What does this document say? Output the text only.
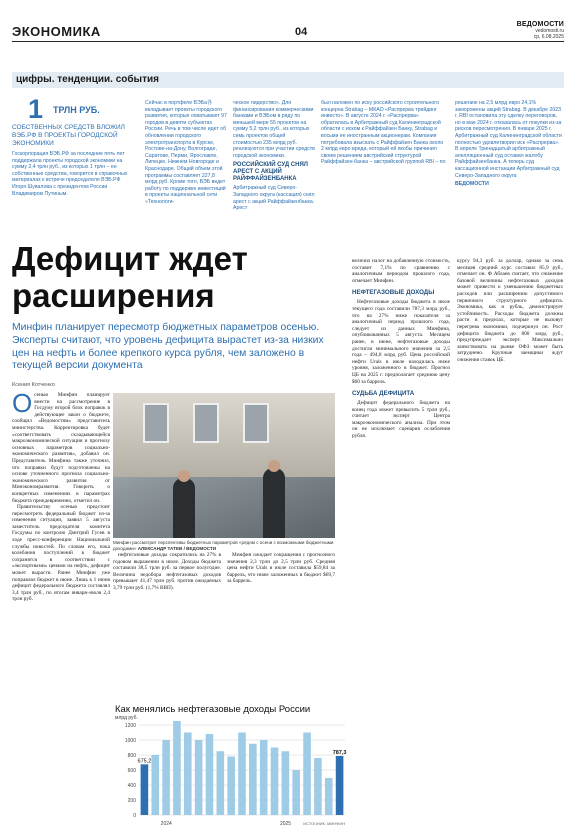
ЭКОНОМИКА	04
ВЕДОМОСТИ
vedomosti.ru
ср, 6.08.2025
цифры. тенденции. события
1 ТРЛН РУБ.
СОБСТВЕННЫХ СРЕДСТВ ВЛОЖИЛ ВЭБ.РФ В ПРОЕКТЫ ГОРОДСКОЙ ЭКОНОМИКИ
Госкорпорация ВЭБ.РФ за последние пять лет поддержала проекты городской экономики на сумму 2,4 трлн руб., из которых 1 трлн – ее собственные средства, говорится в справочных материалах к встрече председателя ВЭБ.РФ Игоря Шувалова с президентом России Владимиром Путиным.
Сейчас в портфеле ВЭБа各 вкладывает проекты городского развития, которые охватывают 97 городов в девяти субъектах России. Речь в том числе идет об обновлении городского электротранспорта в Курске, Ростове-на-Дону, Волгограде, Саратове, Перми, Ярославле, Липецке, Нижнем Новгороде и Краснодаре. Общий объем этой программы составляет 227,8 млрд руб. Кроме того, ВЭБ ведет работу по поддержке инвестиций в проекты национальной сети «Технологи-
ческое лидерство». Для финансирования коммерческими банками и ВЭБом в ряду по меньшей мере 55 проектов на сумму 5,2 трлн руб., из которых семь проектов общей стоимостью 235 млрд руб. реализуются при участии средств городской экономики.
РОССИЙСКИЙ СУД СНЯЛ АРЕСТ С АКЦИЙ РАЙФФАЙЗЕНБАНКА
Арбитражный суд Северо-Западного округа (кассация) снял арест с акций Райффайзенбанка. Арест
был наложен по иску российского строительного концерна Strabag – МКАО «Распрерва трейдинг инвесто». В августе 2024 г. «Распрерва» обратилась в Арбитражный суд Калининградской области с иском к Райффайзен Банку, Strabag и восьми ее иностранным акционерам. Компания потребовала взыскать с Райффайзен Банка около 2 млрд евро вреда, который ей якобы причинил своим решением австрийский структурой Райффайзен-банка – австрийской группой RBI – по
решению на 2,5 млрд евро 24,1% заморожены акций Strabag. В декабре 2023 г. RBI остановила эту сделку переговоров, но в мае 2024 г. отказалась от покупки из-за рисков пересмотрения. В январе 2025 г. Арбитражный суд Калининградской области полностью удовлетворил иск «Распрерва». В апреле Тринадцатый арбитражный апелляционный суд оставил жалобу Райффайзенбанка. А теперь суд кассационной инстанции Арбитражный суд Северо-Западного округа
ВЕДОМОСТИ
Дефицит ждет расширения
Минфин планирует пересмотр бюджетных параметров осенью. Эксперты считают, что уровень дефицита вырастет из-за низких цен на нефть и более крепкого курса рубля, чем заложено в текущей версии документа
Ксения Котченко
О сенью Минфин планирует внести на рассмотрение в Госдуму второй блок поправок в действующее закон о бюджете, сообщил «Ведомостям» представитель министерства. Корректировка будет «соответствовать складывающейся макроэкономической ситуации и прогнозу основных параметров социально-экономического развития», добавил он. Представитель Минфина также уточнил, что поправки будут подготовлены на основе уточненного прогноза социально-экономического развития от Минэкономразвития. Говорить о конкретных изменениях в параметрах бюджета преждевременно, отметил он.

Правительству осенью предстоит пересмотреть федеральный бюджет из-за изменения ситуации, заявил 5 августа заместитель председателя комитета Госдумы по контролю Дмитрий Гусев в ходе пресс-конференции Национальной службы новостей. По словам его, пока колебания поступлений в бюджет сохранятся в соответствии с «экспортными» ценами на нефть, дефицит может вырасти. Ранее Минфин уже поправлял бюджет в июне. Лишь к 1 июня дефицит федерального бюджета составлял 3,4 трлн руб., по итогам января–июля 2,4 трлн руб.

Минфин рассмотрит перспективы бюджетных параметров «рядом с осени с возможными бюджетными доходами» АЛЕКСАНДР ТАТЕВ / ВЕДОМОСТИ

нефтегазовые доходы сократились на 27% в годовом выражении в июле. Доходы бюджета составили 38,5 трлн руб. за первое полугодие. Величина недобора нефтегазовых доходов превышает 41,47 трлн руб. против ожидаемых 3,79 трлн руб. (1,7% ВВП).

Минфин ожидает сокращения с прогнозного значения 2,3 трлн до 2,5 трлн руб. Средняя цена нефти Urals в июле составила $59,84 за баррель, что ниже заложенных в бюджет $69,7 за баррель.

Как менялись нефтегазовые доходы России
млрд руб.
0
200
400
600
800
1000
1200
675,2
787,3
2024	2025	ИСТОЧНИК: МИНФИН

величил налог на добавленную стоимость, составит 7,1% по сравнению с аналогичным периодом прошлого года, отмечает Минфин.

НЕФТЕГАЗОВЫЕ ДОХОДЫ

Нефтегазовые доходы бюджета в июле текущего года составили 787,3 млрд руб., что на 27% ниже показателя за аналогичный период прошлого года, следует из данных Минфина, опубликованных 5 августа. Месяцем ранее, в июне, нефтегазовые доходы достигли минимального значения за 2,5 года – 494,8 млрд руб. Цена российской нефти Urals в июле находилась ниже уровня, заложенного в бюджет. Прогноз ЦБ на 2025 г. предполагает среднюю цену $60 за баррель.

СУДЬБА ДЕФИЦИТА

Дефицит федерального бюджета на конец года может превысить 5 трлн руб., считает эксперт Центра макроэкономического анализа. При этом он не исключает сценария ослабления рубля.

курсу 94,3 руб. за доллар, однако за семь месяцев средний курс составил 85,9 руб., отмечает он. Ф Аблаев считает, что снижение базовой величины нефтегазовых доходов может привести к уменьшению бюджетных расходов или расширению допустимого первичного структурного дефицита. Экономика, как и рубль, демонстрирует устойчивость. Расходы бюджета должны расти в пределах, которые не вызовут перегрева экономики, подчеркнул он. Рост дефицита бюджета до 800 млрд руб., предупреждает эксперт. Максимально заимствовать на рынке ОФЗ может быть затруднено. Крупные заемщики ждут снижения ставок ЦБ.
